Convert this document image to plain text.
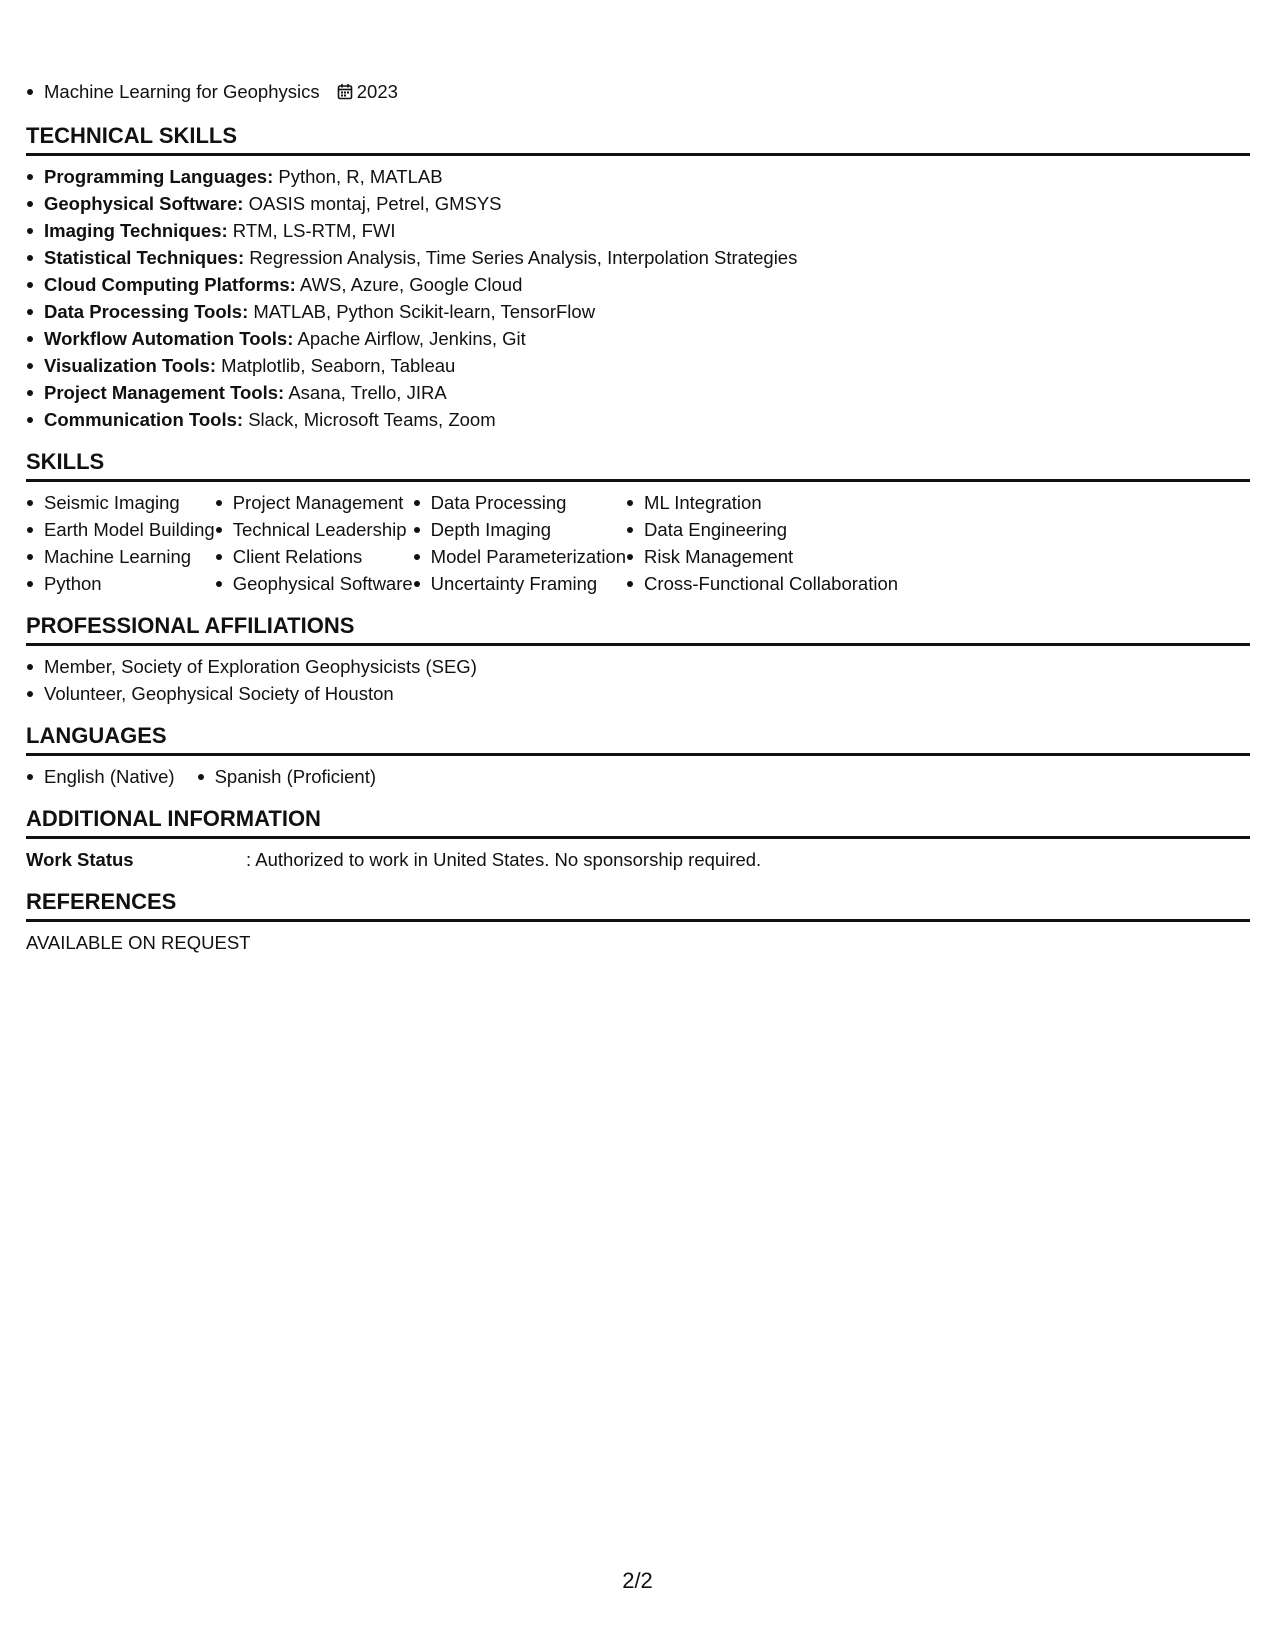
Machine Learning for Geophysics 2023
TECHNICAL SKILLS
Programming Languages: Python, R, MATLAB
Geophysical Software: OASIS montaj, Petrel, GMSYS
Imaging Techniques: RTM, LS-RTM, FWI
Statistical Techniques: Regression Analysis, Time Series Analysis, Interpolation Strategies
Cloud Computing Platforms: AWS, Azure, Google Cloud
Data Processing Tools: MATLAB, Python Scikit-learn, TensorFlow
Workflow Automation Tools: Apache Airflow, Jenkins, Git
Visualization Tools: Matplotlib, Seaborn, Tableau
Project Management Tools: Asana, Trello, JIRA
Communication Tools: Slack, Microsoft Teams, Zoom
SKILLS
Seismic Imaging
Earth Model Building
Machine Learning
Python
Project Management
Technical Leadership
Client Relations
Geophysical Software
Data Processing
Depth Imaging
Model Parameterization
Uncertainty Framing
ML Integration
Data Engineering
Risk Management
Cross-Functional Collaboration
PROFESSIONAL AFFILIATIONS
Member, Society of Exploration Geophysicists (SEG)
Volunteer, Geophysical Society of Houston
LANGUAGES
English (Native)	Spanish (Proficient)
ADDITIONAL INFORMATION
Work Status	: Authorized to work in United States. No sponsorship required.
REFERENCES
AVAILABLE ON REQUEST
2/2
